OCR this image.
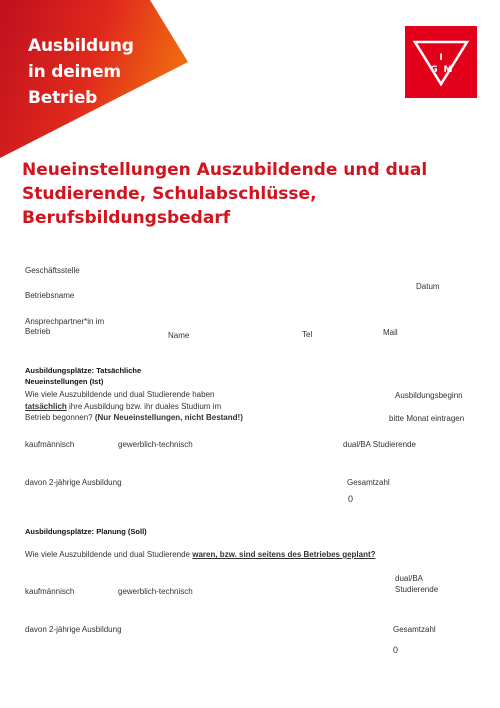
Ausbildung
in deinem
Betrieb
I
G M
Neueinstellungen Auszubildende und dual
Studierende, Schulabschlüsse,
Berufsbildungsbedarf
Geschäftsstelle
Datum
Betriebsname
Ansprechpartner*in im
Betrieb	Name	Tel	Mail
Ausbildungsplätze: Tatsächliche
Neueinstellungen (Ist)
Wie viele Auszubildende und dual Studierende haben
tatsächlich ihre Ausbildung bzw. ihr duales Studium im
Betrieb begonnen? (Nur Neueinstellungen, nicht Bestand!)
Ausbildungsbeginn
bitte Monat eintragen
kaufmännisch	gewerblich-technisch	dual/BA Studierende
davon 2-jährige Ausbildung	Gesamtzahl
0
Ausbildungsplätze: Planung (Soll)
Wie viele Auszubildende und dual Studierende waren, bzw. sind seitens des Betriebes geplant?
dual/BA
Studierende
kaufmännisch	gewerblich-technisch
davon 2-jährige Ausbildung	Gesamtzahl
0
